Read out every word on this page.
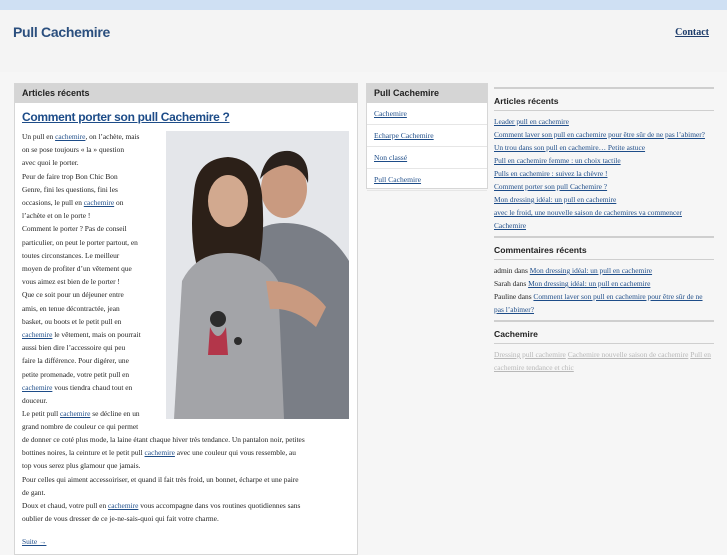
Pull Cachemire	Contact
Articles récents
Comment porter son pull Cachemire ?
Un pull en cachemire, on l’achète, mais
on se pose toujours « la » question
avec quoi le porter.
Peur de faire trop Bon Chic Bon
Genre, fini les questions, fini les
occasions, le pull en cachemire on
l’achète et on le porte !
Comment le porter ? Pas de conseil
particulier, on peut le porter partout, en
toutes circonstances. Le meilleur
moyen de profiter d’un vêtement que
vous aimez est bien de le porter !
Que ce soit pour un déjeuner entre
amis, en tenue décontractée, jean
basket, ou boots et le petit pull en
cachemire le vêtement, mais on pourrait
aussi bien dire l’accessoire qui peu
faire la différence. Pour digérer, une
petite promenade, votre petit pull en
cachemire vous tiendra chaud tout en
douceur.
Le petit pull cachemire se décline en un
grand nombre de couleur ce qui permet
de donner ce coté plus mode, la laine étant chaque hiver très tendance. Un pantalon noir, petites
bottines noires, la ceinture et le petit pull cachemire avec une couleur qui vous ressemble, au
top vous serez plus glamour que jamais.
Pour celles qui aiment accessoiriser, et quand il fait très froid, un bonnet, écharpe et une paire
de gant.
Doux et chaud, votre pull en cachemire vous accompagne dans vos routines quotidiennes sans
oublier de vous dresser de ce je-ne-sais-quoi qui fait votre charme.
Suite →
Pull Cachemire
Cachemire
Echarpe Cachemire
Non classé
Pull Cachemire
Articles récents
Leader pull en cachemire
Comment laver son pull en cachemire pour être sûr de ne pas l’abimer?
Un trou dans son pull en cachemire… Petite astuce
Pull en cachemire femme : un choix tactile
Pulls en cachemire : suivez la chèvre !
Comment porter son pull Cachemire ?
Mon dressing idéal: un pull en cachemire
avec le froid, une nouvelle saison de cachemires va commencer Cachemire
Commentaires récents
admin dans Mon dressing idéal: un pull en cachemire
Sarah dans Mon dressing idéal: un pull en cachemire
Pauline dans Comment laver son pull en cachemire pour être sûr de ne pas l’abimer?
Cachemire
Dressing pull cachemire Cachemire nouvelle saison de cachemire Pull en cachemire tendance et chic
